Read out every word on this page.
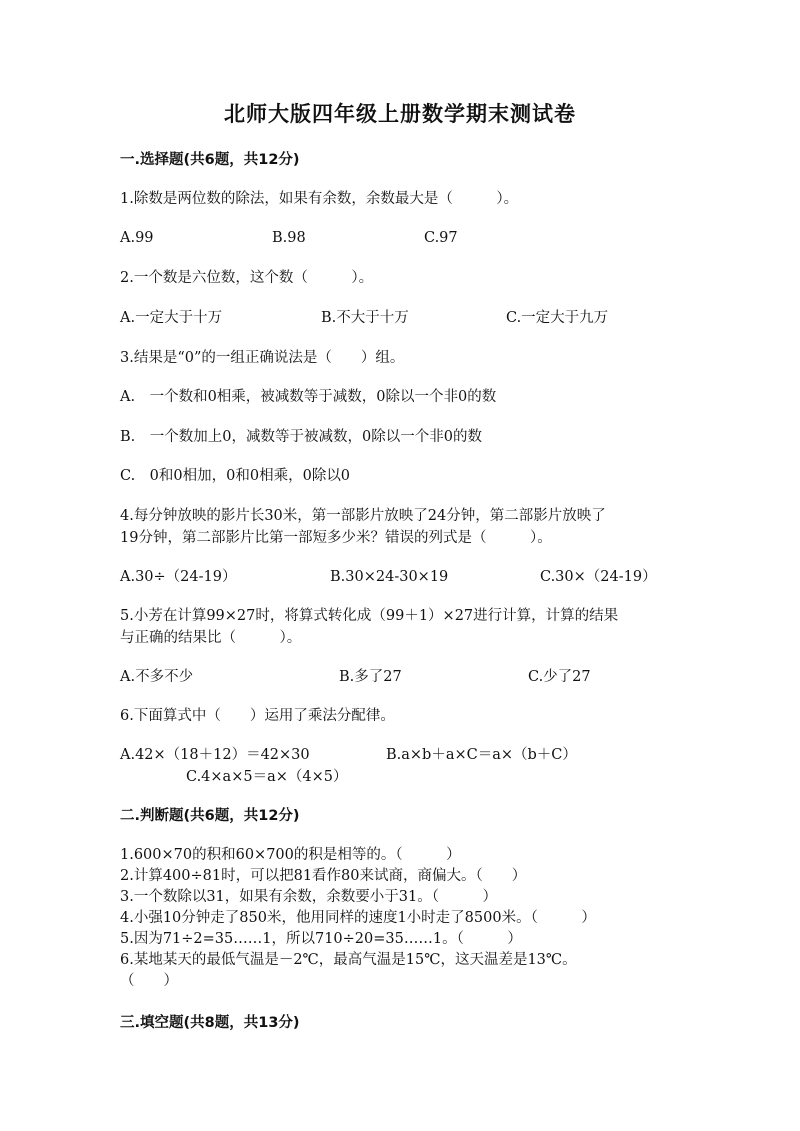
北师大版四年级上册数学期末测试卷
一.选择题(共6题，共12分)
1.除数是两位数的除法，如果有余数，余数最大是（　　　）。
A.99	B.98	C.97
2.一个数是六位数，这个数（　　　）。
A.一定大于十万	B.不大于十万	C.一定大于九万
3.结果是“0”的一组正确说法是（　　）组。
A.　一个数和0相乘，被减数等于减数，0除以一个非0的数
B.　一个数加上0，减数等于被减数，0除以一个非0的数
C.　0和0相加，0和0相乘，0除以0
4.每分钟放映的影片长30米，第一部影片放映了24分钟，第二部影片放映了
19分钟，第二部影片比第一部短多少米？错误的列式是（　　　）。
A.30÷（24-19）	B.30×24-30×19	C.30×（24-19）
5.小芳在计算99×27时，将算式转化成（99＋1）×27进行计算，计算的结果
与正确的结果比（　　　）。
A.不多不少	B.多了27	C.少了27
6.下面算式中（　　）运用了乘法分配律。
A.42×（18＋12）＝42×30	B.a×b＋a×C＝a×（b＋C）
C.4×a×5＝a×（4×5）
二.判断题(共6题，共12分)
1.600×70的积和60×700的积是相等的。（　　　）
2.计算400÷81时，可以把81看作80来试商，商偏大。（　　）
3.一个数除以31，如果有余数，余数要小于31。（　　　）
4.小强10分钟走了850米，他用同样的速度1小时走了8500米。（　　　）
5.因为71÷2=35……1，所以710÷20=35……1。（　　　）
6.某地某天的最低气温是－2℃，最高气温是15℃，这天温差是13℃。
（　　）
三.填空题(共8题，共13分)
